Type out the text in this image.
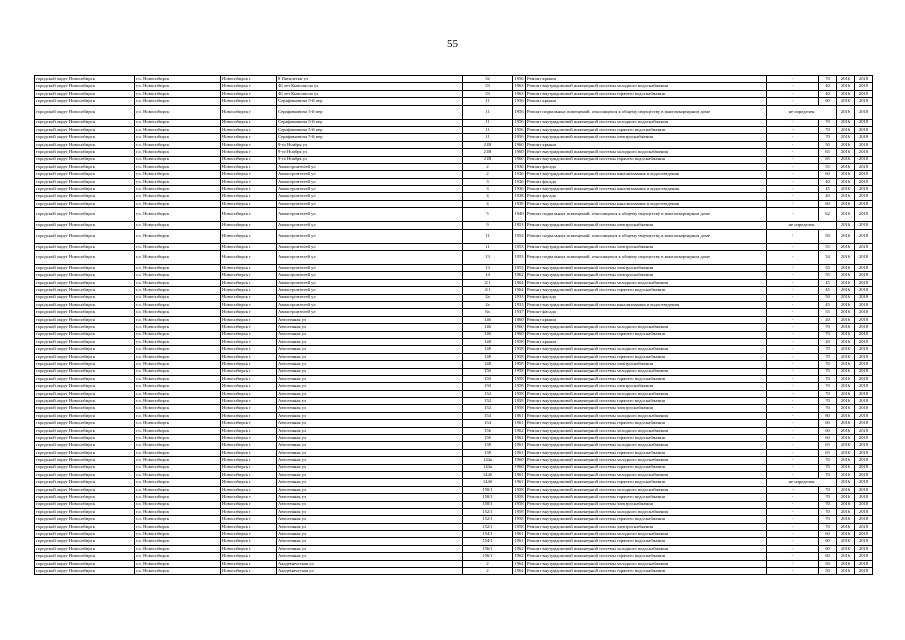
55
городской округ Новосибирск	г.о. Новосибирск	Новосибирск г	8 Пятилетки ул	32	1956	Ремонт крыши	-	70	2016	2018
городской округ Новосибирск	г.о. Новосибирск	Новосибирск г	40 лет Комсомола ул	53	1963	Ремонт внутридомовой инженерной системы холодного водоснабжения	-	40	2016	2018
городской округ Новосибирск	г.о. Новосибирск	Новосибирск г	40 лет Комсомола ул	53	1963	Ремонт внутридомовой инженерной системы горячего водоснабжения	-	40	2016	2018
городской округ Новосибирск	г.о. Новосибирск	Новосибирск г	Серафимовича 5-й пер	11	1956	Ремонт крыши	-	60	2016	2018
городской округ Новосибирск	г.о. Новосибирск	Новосибирск г	Серафимовича 5-й пер	11	1956	Ремонт подвальных помещений, относящихся к общему имуществу в многоквартирном доме	не определен		2016	2018
городской округ Новосибирск	г.о. Новосибирск	Новосибирск г	Серафимовича 5-й пер	11	1956	Ремонт внутридомовой инженерной системы холодного водоснабжения	-	70	2016	2018
городской округ Новосибирск	г.о. Новосибирск	Новосибирск г	Серафимовича 5-й пер	11	1956	Ремонт внутридомовой инженерной системы горячего водоснабжения	-	70	2016	2018
городской округ Новосибирск	г.о. Новосибирск	Новосибирск г	Серафимовича 5-й пер	11	1956	Ремонт внутридомовой инженерной системы электроснабжения	-	70	2016	2018
городской округ Новосибирск	г.о. Новосибирск	Новосибирск г	9-го Ноября ул	21В	1960	Ремонт крыши	-	50	2016	2018
городской округ Новосибирск	г.о. Новосибирск	Новосибирск г	9-го Ноября ул	21В	1960	Ремонт внутридомовой инженерной системы холодного водоснабжения	-	65	2016	2018
городской округ Новосибирск	г.о. Новосибирск	Новосибирск г	9-го Ноября ул	21В	1960	Ремонт внутридомовой инженерной системы горячего водоснабжения	-	65	2016	2018
городской округ Новосибирск	г.о. Новосибирск	Новосибирск г	Авиастроителей ул	2	1936	Ремонт фасада	-	55	2016	2018
городской округ Новосибирск	г.о. Новосибирск	Новосибирск г	Авиастроителей ул	2	1936	Ремонт внутридомовой инженерной системы канализования и водоотведения	-	60	2016	2018
городской округ Новосибирск	г.о. Новосибирск	Новосибирск г	Авиастроителей ул	3	1936	Ремонт фасада	-	40	2016	2018
городской округ Новосибирск	г.о. Новосибирск	Новосибирск г	Авиастроителей ул	3	1936	Ремонт внутридомовой инженерной системы канализования и водоотведения	-	45	2016	2018
городской округ Новосибирск	г.о. Новосибирск	Новосибирск г	Авиастроителей ул	4	1938	Ремонт фасада	-	40	2016	2018
городской округ Новосибирск	г.о. Новосибирск	Новосибирск г	Авиастроителей ул	4	1938	Ремонт внутридомовой инженерной системы канализования и водоотведения	-	60	2016	2018
городской округ Новосибирск	г.о. Новосибирск	Новосибирск г	Авиастроителей ул	5	1940	Ремонт подвальных помещений, относящихся к общему имуществу в многоквартирном доме	-	62	2016	2018
городской округ Новосибирск	г.о. Новосибирск	Новосибирск г	Авиастроителей ул	9	1953	Ремонт внутридомовой инженерной системы электроснабжения	не определен		2016	2018
городской округ Новосибирск	г.о. Новосибирск	Новосибирск г	Авиастроителей ул	11	1953	Ремонт подвальных помещений, относящихся к общему имуществу в многоквартирном доме	-	50	2016	2018
городской округ Новосибирск	г.о. Новосибирск	Новосибирск г	Авиастроителей ул	11	1953	Ремонт внутридомовой инженерной системы электроснабжения	-	55	2016	2018
городской округ Новосибирск	г.о. Новосибирск	Новосибирск г	Авиастроителей ул	13	1953	Ремонт подвальных помещений, относящихся к общему имуществу в многоквартирном доме	-	54	2016	2018
городской округ Новосибирск	г.о. Новосибирск	Новосибирск г	Авиастроителей ул	13	1953	Ремонт внутридомовой инженерной системы электроснабжения	-	55	2016	2018
городской округ Новосибирск	г.о. Новосибирск	Новосибирск г	Авиастроителей ул	14	1962	Ремонт внутридомовой инженерной системы электроснабжения	-	55	2016	2018
городской округ Новосибирск	г.о. Новосибирск	Новосибирск г	Авиастроителей ул	2/1	1964	Ремонт внутридомовой инженерной системы холодного водоснабжения	-	45	2016	2018
городской округ Новосибирск	г.о. Новосибирск	Новосибирск г	Авиастроителей ул	2/1	1964	Ремонт внутридомовой инженерной системы горячего водоснабжения	-	45	2016	2018
городской округ Новосибирск	г.о. Новосибирск	Новосибирск г	Авиастроителей ул	2а	1933	Ремонт фасада	-	50	2016	2018
городской округ Новосибирск	г.о. Новосибирск	Новосибирск г	Авиастроителей ул	2а	1933	Ремонт внутридомовой инженерной системы канализования и водоотведения	-	45	2016	2018
городской округ Новосибирск	г.о. Новосибирск	Новосибирск г	Авиастроителей ул	6а	1937	Ремонт фасада	-	55	2016	2018
городской округ Новосибирск	г.о. Новосибирск	Новосибирск г	Автогенная ул	146	1960	Ремонт крыши	-	20	2016	2018
городской округ Новосибирск	г.о. Новосибирск	Новосибирск г	Автогенная ул	146	1960	Ремонт внутридомовой инженерной системы холодного водоснабжения	-	70	2016	2018
городской округ Новосибирск	г.о. Новосибирск	Новосибирск г	Автогенная ул	146	1960	Ремонт внутридомовой инженерной системы горячего водоснабжения	-	70	2016	2018
городской округ Новосибирск	г.о. Новосибирск	Новосибирск г	Автогенная ул	148	1958	Ремонт крыши	-	20	2016	2018
городской округ Новосибирск	г.о. Новосибирск	Новосибирск г	Автогенная ул	148	1958	Ремонт внутридомовой инженерной системы холодного водоснабжения	-	70	2016	2018
городской округ Новосибирск	г.о. Новосибирск	Новосибирск г	Автогенная ул	148	1958	Ремонт внутридомовой инженерной системы горячего водоснабжения	-	70	2016	2018
городской округ Новосибирск	г.о. Новосибирск	Новосибирск г	Автогенная ул	148	1958	Ремонт внутридомовой инженерной системы электроснабжения	-	70	2016	2018
городской округ Новосибирск	г.о. Новосибирск	Новосибирск г	Автогенная ул	150	1958	Ремонт внутридомовой инженерной системы холодного водоснабжения	-	70	2016	2018
городской округ Новосибирск	г.о. Новосибирск	Новосибирск г	Автогенная ул	150	1958	Ремонт внутридомовой инженерной системы горячего водоснабжения	-	70	2016	2018
городской округ Новосибирск	г.о. Новосибирск	Новосибирск г	Автогенная ул	150	1958	Ремонт внутридомовой инженерной системы электроснабжения	-	70	2016	2018
городской округ Новосибирск	г.о. Новосибирск	Новосибирск г	Автогенная ул	152	1958	Ремонт внутридомовой инженерной системы холодного водоснабжения	-	70	2016	2018
городской округ Новосибирск	г.о. Новосибирск	Новосибирск г	Автогенная ул	152	1958	Ремонт внутридомовой инженерной системы горячего водоснабжения	-	70	2016	2018
городской округ Новосибирск	г.о. Новосибирск	Новосибирск г	Автогенная ул	152	1958	Ремонт внутридомовой инженерной системы электроснабжения	-	70	2016	2018
городской округ Новосибирск	г.о. Новосибирск	Новосибирск г	Автогенная ул	154	1961	Ремонт внутридомовой инженерной системы холодного водоснабжения	-	80	2016	2018
городской округ Новосибирск	г.о. Новосибирск	Новосибирск г	Автогенная ул	154	1961	Ремонт внутридомовой инженерной системы горячего водоснабжения	-	60	2016	2018
городской округ Новосибирск	г.о. Новосибирск	Новосибирск г	Автогенная ул	156	1962	Ремонт внутридомовой инженерной системы холодного водоснабжения	-	60	2016	2018
городской округ Новосибирск	г.о. Новосибирск	Новосибирск г	Автогенная ул	156	1962	Ремонт внутридомовой инженерной системы горячего водоснабжения	-	60	2016	2018
городской округ Новосибирск	г.о. Новосибирск	Новосибирск г	Автогенная ул	158	1961	Ремонт внутридомовой инженерной системы холодного водоснабжения	-	65	2016	2018
городской округ Новосибирск	г.о. Новосибирск	Новосибирск г	Автогенная ул	158	1961	Ремонт внутридомовой инженерной системы горячего водоснабжения	-	65	2016	2018
городской округ Новосибирск	г.о. Новосибирск	Новосибирск г	Автогенная ул	144а	1960	Ремонт внутридомовой инженерной системы холодного водоснабжения	-	70	2016	2018
городской округ Новосибирск	г.о. Новосибирск	Новосибирск г	Автогенная ул	144а	1960	Ремонт внутридомовой инженерной системы горячего водоснабжения	-	70	2016	2018
городской округ Новосибирск	г.о. Новосибирск	Новосибирск г	Автогенная ул	144б	1961	Ремонт внутридомовой инженерной системы холодного водоснабжения	-	70	2016	2018
городской округ Новосибирск	г.о. Новосибирск	Новосибирск г	Автогенная ул	144б	1961	Ремонт внутридомовой инженерной системы горячего водоснабжения	не определен		2016	2018
городской округ Новосибирск	г.о. Новосибирск	Новосибирск г	Автогенная ул	150/1	1958	Ремонт внутридомовой инженерной системы холодного водоснабжения	-	70	2016	2018
городской округ Новосибирск	г.о. Новосибирск	Новосибирск г	Автогенная ул	150/1	1958	Ремонт внутридомовой инженерной системы горячего водоснабжения	-	70	2016	2018
городской округ Новосибирск	г.о. Новосибирск	Новосибирск г	Автогенная ул	150/1	1958	Ремонт внутридомовой инженерной системы электроснабжения	-	70	2016	2018
городской округ Новосибирск	г.о. Новосибирск	Новосибирск г	Автогенная ул	152/1	1958	Ремонт внутридомовой инженерной системы холодного водоснабжения	-	70	2016	2018
городской округ Новосибирск	г.о. Новосибирск	Новосибирск г	Автогенная ул	152/1	1958	Ремонт внутридомовой инженерной системы горячего водоснабжения	-	70	2016	2018
городской округ Новосибирск	г.о. Новосибирск	Новосибирск г	Автогенная ул	152/1	1958	Ремонт внутридомовой инженерной системы электроснабжения	-	70	2016	2018
городской округ Новосибирск	г.о. Новосибирск	Новосибирск г	Автогенная ул	154/1	1961	Ремонт внутридомовой инженерной системы холодного водоснабжения	-	60	2016	2018
городской округ Новосибирск	г.о. Новосибирск	Новосибирск г	Автогенная ул	154/1	1961	Ремонт внутридомовой инженерной системы горячего водоснабжения	-	60	2016	2018
городской округ Новосибирск	г.о. Новосибирск	Новосибирск г	Автогенная ул	156/1	1962	Ремонт внутридомовой инженерной системы холодного водоснабжения	-	60	2016	2018
городской округ Новосибирск	г.о. Новосибирск	Новосибирск г	Автогенная ул	156/1	1962	Ремонт внутридомовой инженерной системы горячего водоснабжения	-	60	2016	2018
городской округ Новосибирск	г.о. Новосибирск	Новосибирск г	Академическая ул	2	1964	Ремонт внутридомовой инженерной системы холодного водоснабжения	-	50	2016	2018
городской округ Новосибирск	г.о. Новосибирск	Новосибирск г	Академическая ул	2	1964	Ремонт внутридомовой инженерной системы горячего водоснабжения	-	50	2016	2018
